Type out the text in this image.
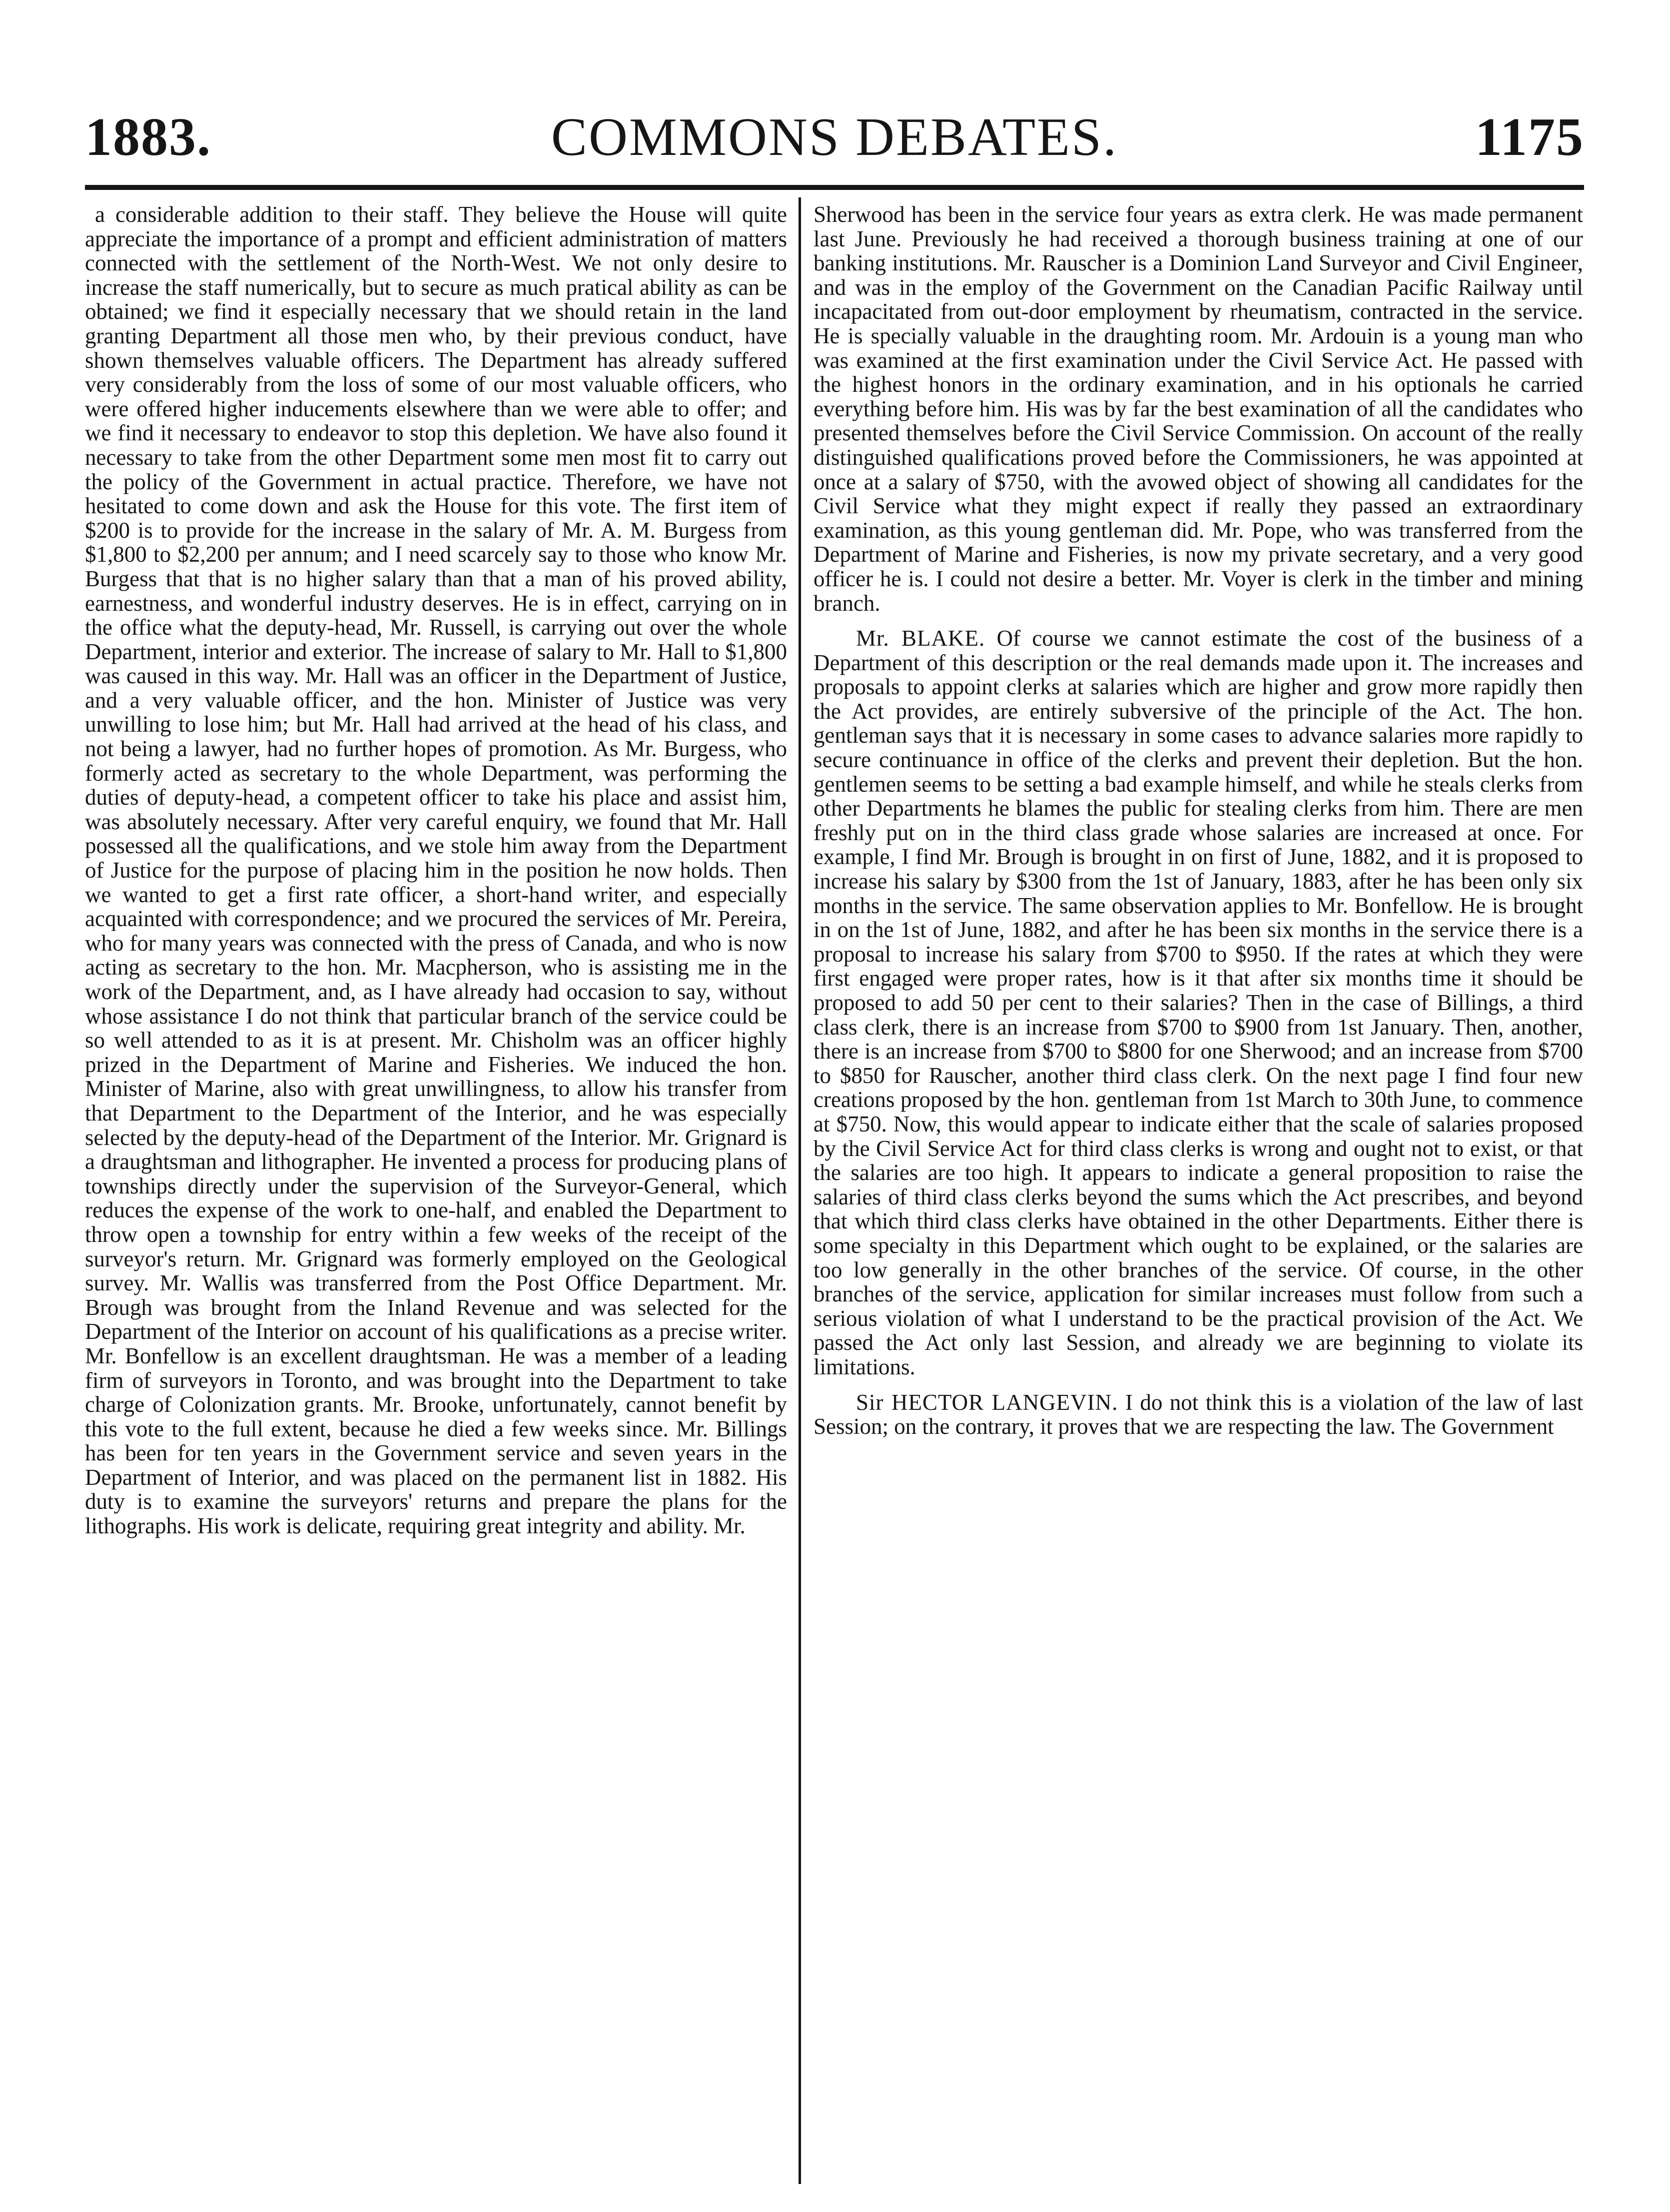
COMMONS DEBATES.
1883.	1175

a considerable addition to their staff. They believe the House will quite appreciate the importance of a prompt and efficient administration of matters connected with the settlement of the North-West. We not only desire to increase the staff numerically, but to secure as much pratical ability as can be obtained; we find it especially necessary that we should retain in the land granting Department all those men who, by their previous conduct, have shown themselves valuable officers. The Department has already suffered very considerably from the loss of some of our most valuable officers, who were offered higher inducements elsewhere than we were able to offer; and we find it necessary to endeavor to stop this depletion. We have also found it necessary to take from the other Department some men most fit to carry out the policy of the Government in actual practice. Therefore, we have not hesitated to come down and ask the House for this vote. The first item of $200 is to provide for the increase in the salary of Mr. A. M. Burgess from $1,800 to $2,200 per annum; and I need scarcely say to those who know Mr. Burgess that that is no higher salary than that a man of his proved ability, earnestness, and wonderful industry deserves. He is in effect, carrying on in the office what the deputy-head, Mr. Russell, is carrying out over the whole Department, interior and exterior. The increase of salary to Mr. Hall to $1,800 was caused in this way. Mr. Hall was an officer in the Department of Justice, and a very valuable officer, and the hon. Minister of Justice was very unwilling to lose him; but Mr. Hall had arrived at the head of his class, and not being a lawyer, had no further hopes of promotion. As Mr. Burgess, who formerly acted as secretary to the whole Department, was performing the duties of deputy-head, a competent officer to take his place and assist him, was absolutely necessary. After very careful enquiry, we found that Mr. Hall possessed all the qualifications, and we stole him away from the Department of Justice for the purpose of placing him in the position he now holds. Then we wanted to get a first rate officer, a short-hand writer, and especially acquainted with correspondence; and we procured the services of Mr. Pereira, who for many years was connected with the press of Canada, and who is now acting as secretary to the hon. Mr. Macpherson, who is assisting me in the work of the Department, and, as I have already had occasion to say, without whose assistance I do not think that particular branch of the service could be so well attended to as it is at present. Mr. Chisholm was an officer highly prized in the Department of Marine and Fisheries. We induced the hon. Minister of Marine, also with great unwillingness, to allow his transfer from that Department to the Department of the Interior, and he was especially selected by the deputy-head of the Department of the Interior. Mr. Grignard is a draughtsman and lithographer. He invented a process for producing plans of townships directly under the supervision of the Surveyor-General, which reduces the expense of the work to one-half, and enabled the Department to throw open a township for entry within a few weeks of the receipt of the surveyor's return. Mr. Grignard was formerly employed on the Geological survey. Mr. Wallis was transferred from the Post Office Department. Mr. Brough was brought from the Inland Revenue and was selected for the Department of the Interior on account of his qualifications as a precise writer. Mr. Bonfellow is an excellent draughtsman. He was a member of a leading firm of surveyors in Toronto, and was brought into the Department to take charge of Colonization grants. Mr. Brooke, unfortunately, cannot benefit by this vote to the full extent, because he died a few weeks since. Mr. Billings has been for ten years in the Government service and seven years in the Department of Interior, and was placed on the permanent list in 1882. His duty is to examine the surveyors' returns and prepare the plans for the lithographs. His work is delicate, requiring great integrity and ability. Mr.

Sherwood has been in the service four years as extra clerk. He was made permanent last June. Previously he had received a thorough business training at one of our banking institutions. Mr. Rauscher is a Dominion Land Surveyor and Civil Engineer, and was in the employ of the Government on the Canadian Pacific Railway until incapacitated from out-door employment by rheumatism, contracted in the service. He is specially valuable in the draughting room. Mr. Ardouin is a young man who was examined at the first examination under the Civil Service Act. He passed with the highest honors in the ordinary examination, and in his optionals he carried everything before him. His was by far the best examination of all the candidates who presented themselves before the Civil Service Commission. On account of the really distinguished qualifications proved before the Commissioners, he was appointed at once at a salary of $750, with the avowed object of showing all candidates for the Civil Service what they might expect if really they passed an extraordinary examination, as this young gentleman did. Mr. Pope, who was transferred from the Department of Marine and Fisheries, is now my private secretary, and a very good officer he is. I could not desire a better. Mr. Voyer is clerk in the timber and mining branch.

Mr. BLAKE. Of course we cannot estimate the cost of the business of a Department of this description or the real demands made upon it. The increases and proposals to appoint clerks at salaries which are higher and grow more rapidly then the Act provides, are entirely subversive of the principle of the Act. The hon. gentleman says that it is necessary in some cases to advance salaries more rapidly to secure continuance in office of the clerks and prevent their depletion. But the hon. gentlemen seems to be setting a bad example himself, and while he steals clerks from other Departments he blames the public for stealing clerks from him. There are men freshly put on in the third class grade whose salaries are increased at once. For example, I find Mr. Brough is brought in on first of June, 1882, and it is proposed to increase his salary by $300 from the 1st of January, 1883, after he has been only six months in the service. The same observation applies to Mr. Bonfellow. He is brought in on the 1st of June, 1882, and after he has been six months in the service there is a proposal to increase his salary from $700 to $950. If the rates at which they were first engaged were proper rates, how is it that after six months time it should be proposed to add 50 per cent to their salaries? Then in the case of Billings, a third class clerk, there is an increase from $700 to $900 from 1st January. Then, another, there is an increase from $700 to $800 for one Sherwood; and an increase from $700 to $850 for Rauscher, another third class clerk. On the next page I find four new creations proposed by the hon. gentleman from 1st March to 30th June, to commence at $750. Now, this would appear to indicate either that the scale of salaries proposed by the Civil Service Act for third class clerks is wrong and ought not to exist, or that the salaries are too high. It appears to indicate a general proposition to raise the salaries of third class clerks beyond the sums which the Act prescribes, and beyond that which third class clerks have obtained in the other Departments. Either there is some specialty in this Department which ought to be explained, or the salaries are too low generally in the other branches of the service. Of course, in the other branches of the service, application for similar increases must follow from such a serious violation of what I understand to be the practical provision of the Act. We passed the Act only last Session, and already we are beginning to violate its limitations.

Sir HECTOR LANGEVIN. I do not think this is a violation of the law of last Session; on the contrary, it proves that we are respecting the law. The Government
